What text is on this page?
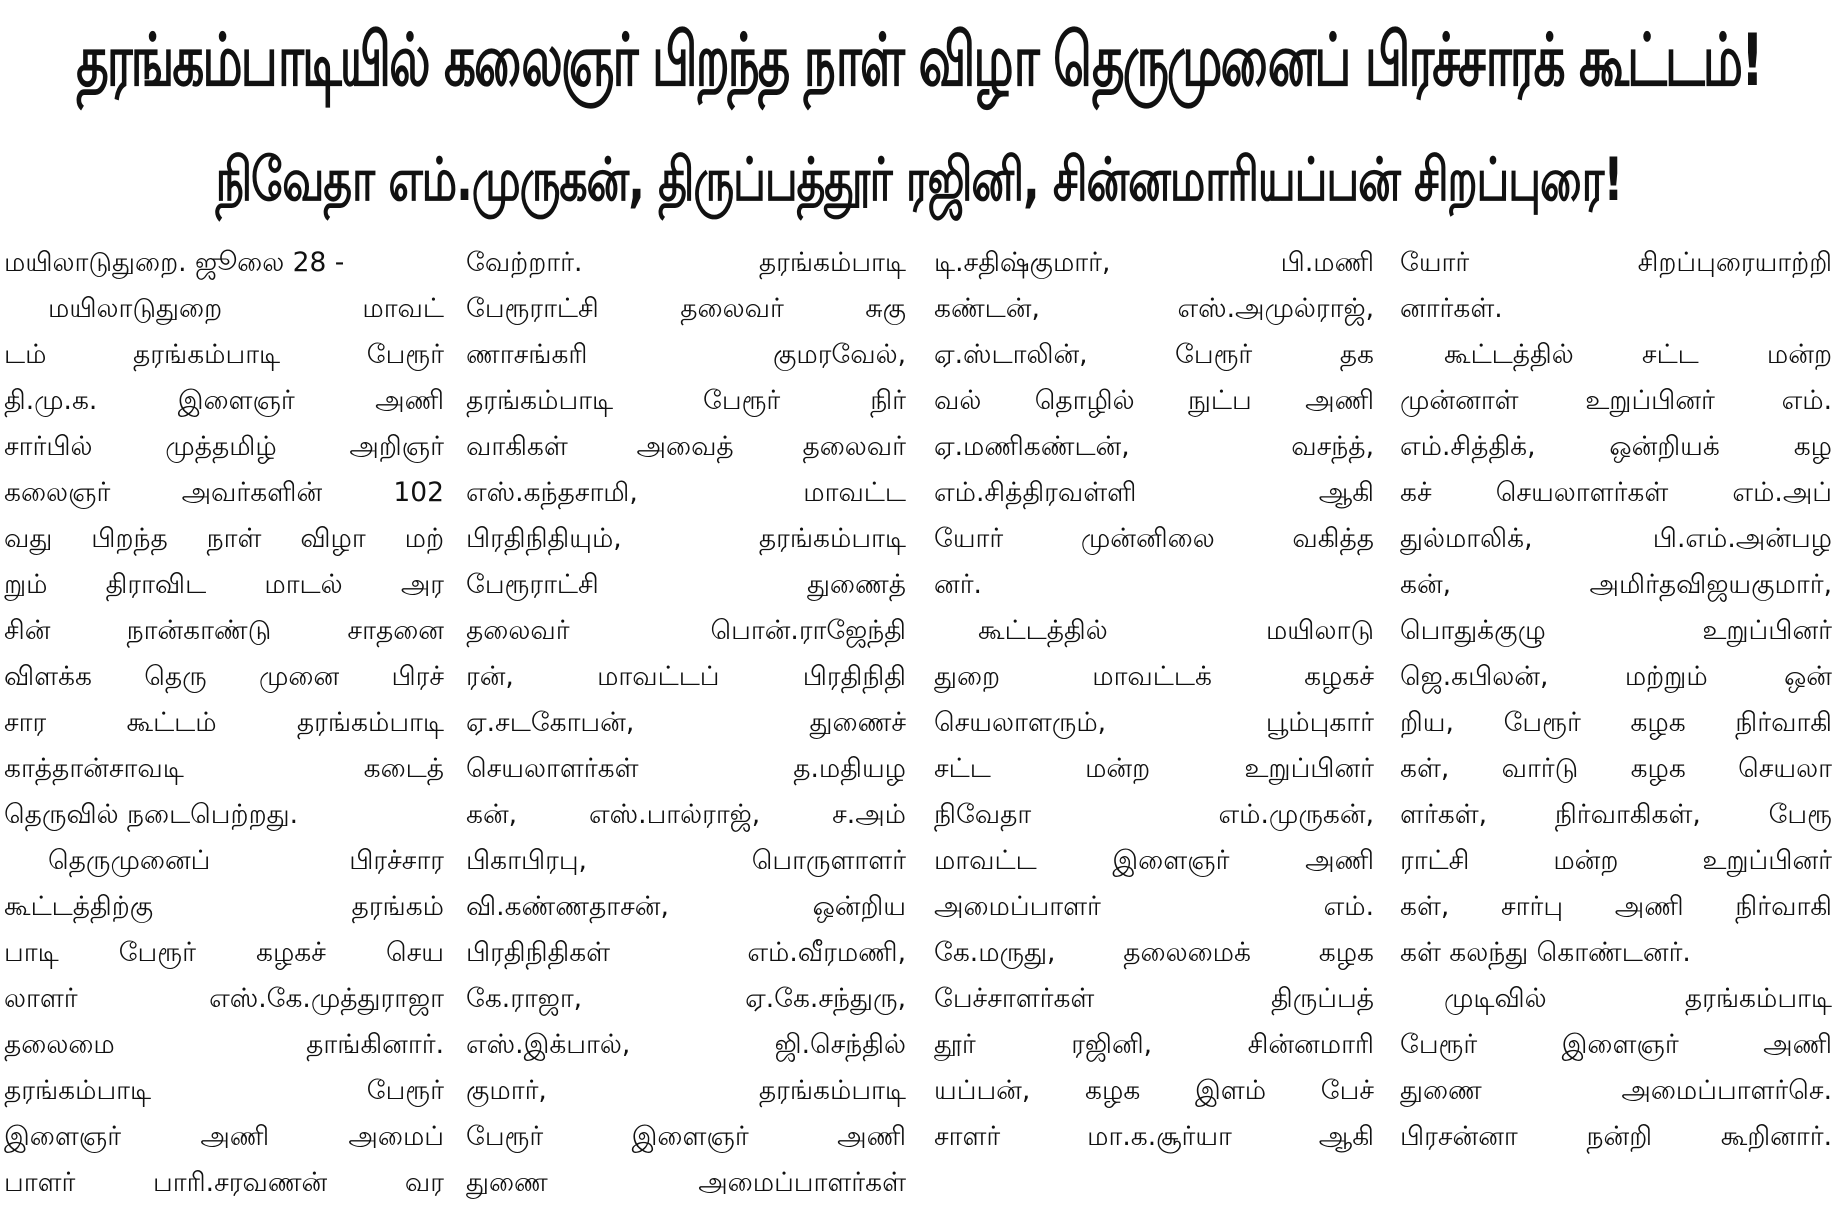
தரங்கம்பாடியில் கலைஞர் பிறந்த நாள் விழா தெருமுனைப் பிரச்சாரக் கூட்டம்!
நிவேதா எம்.முருகன், திருப்பத்தூர் ரஜினி, சின்னமாரியப்பன் சிறப்புரை!
மயிலாடுதுறை. ஜூலை 28 -
மயிலாடுதுறை மாவட்
டம் தரங்கம்பாடி பேரூர்
தி.மு.க. இளைஞர் அணி
சார்பில் முத்தமிழ் அறிஞர்
கலைஞர் அவர்களின் 102
வது பிறந்த நாள் விழா மற்
றும் திராவிட மாடல் அர
சின் நான்காண்டு சாதனை
விளக்க தெரு முனை பிரச்
சார கூட்டம் தரங்கம்பாடி
காத்தான்சாவடி கடைத்
தெருவில் நடைபெற்றது.
தெருமுனைப் பிரச்சார
கூட்டத்திற்கு தரங்கம்
பாடி பேரூர் கழகச் செய
லாளர் எஸ்.கே.முத்துராஜா
தலைமை தாங்கினார்.
தரங்கம்பாடி பேரூர்
இளைஞர் அணி அமைப்
பாளர் பாரி.சரவணன் வர
வேற்றார். தரங்கம்பாடி
பேரூராட்சி தலைவர் சுகு
ணாசங்கரி குமரவேல்,
தரங்கம்பாடி பேரூர் நிர்
வாகிகள் அவைத் தலைவர்
எஸ்.கந்தசாமி, மாவட்ட
பிரதிநிதியும், தரங்கம்பாடி
பேரூராட்சி துணைத்
தலைவர் பொன்.ராஜேந்தி
ரன், மாவட்டப் பிரதிநிதி
ஏ.சடகோபன், துணைச்
செயலாளர்கள் த.மதியழ
கன், எஸ்.பால்ராஜ், ச.அம்
பிகாபிரபு, பொருளாளர்
வி.கண்ணதாசன், ஒன்றிய
பிரதிநிதிகள் எம்.வீரமணி,
கே.ராஜா, ஏ.கே.சந்துரு,
எஸ்.இக்பால், ஜி.செந்தில்
குமார், தரங்கம்பாடி
பேரூர் இளைஞர் அணி
துணை அமைப்பாளர்கள்
டி.சதிஷ்குமார், பி.மணி
கண்டன், எஸ்.அமுல்ராஜ்,
ஏ.ஸ்டாலின், பேரூர் தக
வல் தொழில் நுட்ப அணி
ஏ.மணிகண்டன், வசந்த்,
எம்.சித்திரவள்ளி ஆகி
யோர் முன்னிலை வகித்த
னர்.
கூட்டத்தில் மயிலாடு
துறை மாவட்டக் கழகச்
செயலாளரும், பூம்புகார்
சட்ட மன்ற உறுப்பினர்
நிவேதா எம்.முருகன்,
மாவட்ட இளைஞர் அணி
அமைப்பாளர் எம்.
கே.மருது, தலைமைக் கழக
பேச்சாளர்கள் திருப்பத்
தூர் ரஜினி, சின்னமாரி
யப்பன், கழக இளம் பேச்
சாளர் மா.க.சூர்யா ஆகி
யோர் சிறப்புரையாற்றி
னார்கள்.
கூட்டத்தில் சட்ட மன்ற
முன்னாள் உறுப்பினர் எம்.
எம்.சித்திக், ஒன்றியக் கழ
கச் செயலாளர்கள் எம்.அப்
துல்மாலிக், பி.எம்.அன்பழ
கன், அமிர்தவிஜயகுமார்,
பொதுக்குழு உறுப்பினர்
ஜெ.கபிலன், மற்றும் ஒன்
றிய, பேரூர் கழக நிர்வாகி
கள், வார்டு கழக செயலா
ளர்கள், நிர்வாகிகள், பேரூ
ராட்சி மன்ற உறுப்பினர்
கள், சார்பு அணி நிர்வாகி
கள் கலந்து கொண்டனர்.
முடிவில் தரங்கம்பாடி
பேரூர் இளைஞர் அணி
துணை அமைப்பாளர்செ.
பிரசன்னா நன்றி கூறினார்.
